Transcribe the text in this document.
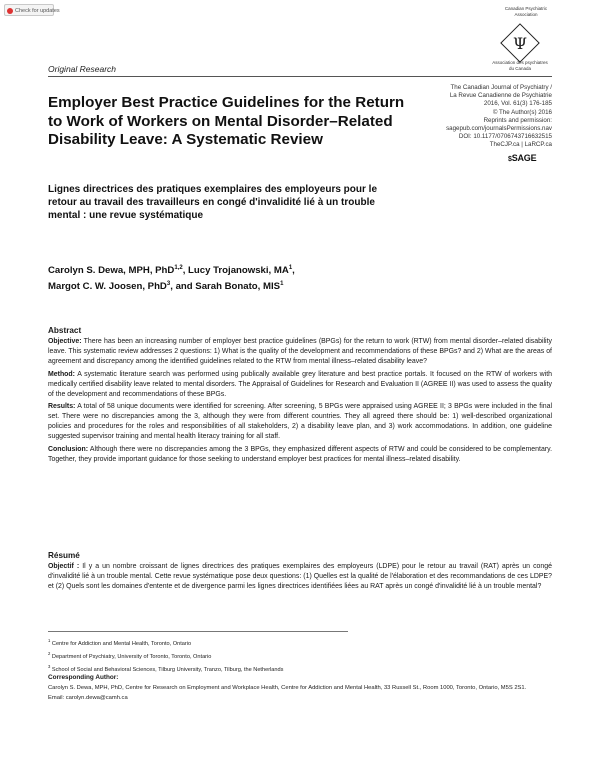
Check for updates	Canadian Psychiatric Association
Ψ
Association des psychiatres du Canada
Original Research
The Canadian Journal of Psychiatry /
La Revue Canadienne de Psychiatrie
2016, Vol. 61(3) 176-185
© The Author(s) 2016
Reprints and permission:
sagepub.com/journalsPermissions.nav
DOI: 10.1177/0706743716632515
TheCJP.ca | LaRCP.ca
$SAGE
Employer Best Practice Guidelines for the Return to Work of Workers on Mental Disorder–Related Disability Leave: A Systematic Review
Lignes directrices des pratiques exemplaires des employeurs pour le retour au travail des travailleurs en congé d'invalidité lié à un trouble mental : une revue systématique
Carolyn S. Dewa, MPH, PhD$^{1,2}$, Lucy Trojanowski, $MA^1$,
Margot C. W. Joosen, PhD$^3$, and Sarah Bonato, MIS$^1$
Abstract

Objective: There has been an increasing number of employer best practice guidelines (BPGs) for the return to work (RTW) from mental disorder–related disability leave. This systematic review addresses 2 questions: 1) What is the quality of the development and recommendations of these BPGs? and 2) What are the areas of agreement and discrepancy among the identified guidelines related to the RTW from mental illness–related disability leave?

Method: A systematic literature search was performed using publically available grey literature and best practice portals. It focused on the RTW of workers with medically certified disability leave related to mental disorders. The Appraisal of Guidelines for Research and Evaluation II (AGREE II) was used to assess the quality of the development and recommendations of these BPGs.

Results: A total of 58 unique documents were identified for screening. After screening, 5 BPGs were appraised using AGREE II; 3 BPGs were included in the final set. There were no discrepancies among the 3, although they were from different countries. They all agreed there should be: 1) well-described organizational policies and procedures for the roles and responsibilities of all stakeholders, 2) a disability leave plan, and 3) work accommodations. In addition, one guideline suggested supervisor training and mental health literacy training for all staff.

Conclusion: Although there were no discrepancies among the 3 BPGs, they emphasized different aspects of RTW and could be considered to be complementary. Together, they provide important guidance for those seeking to understand employer best practices for mental illness–related disability.

Résumé
Objectif : Il y a un nombre croissant de lignes directrices des pratiques exemplaires des employeurs (LDPE) pour le retour au travail (RAT) après un congé d'invalidité lié à un trouble mental. Cette revue systématique pose deux questions: (1) Quelles est la qualité de l'élaboration et des recommandations de ces LDPE? et (2) Quels sont les domaines d'entente et de divergence parmi les lignes directrices identifiées liées au RAT après un congé d'invalidité lié à un trouble mental?
$^1$ Centre for Addiction and Mental Health, Toronto, Ontario
$^2$ Department of Psychiatry, University of Toronto, Toronto, Ontario
$^3$ School of Social and Behavioral Sciences, Tilburg University, Tranzo, Tilburg, the Netherlands
Corresponding Author:
Carolyn S. Dewa, MPH, PhD, Centre for Research on Employment and Workplace Health, Centre for Addiction and Mental Health, 33 Russell St., Room 1000, Toronto, Ontario, M5S 2S1.
Email: carolyn.dewa@camh.ca
